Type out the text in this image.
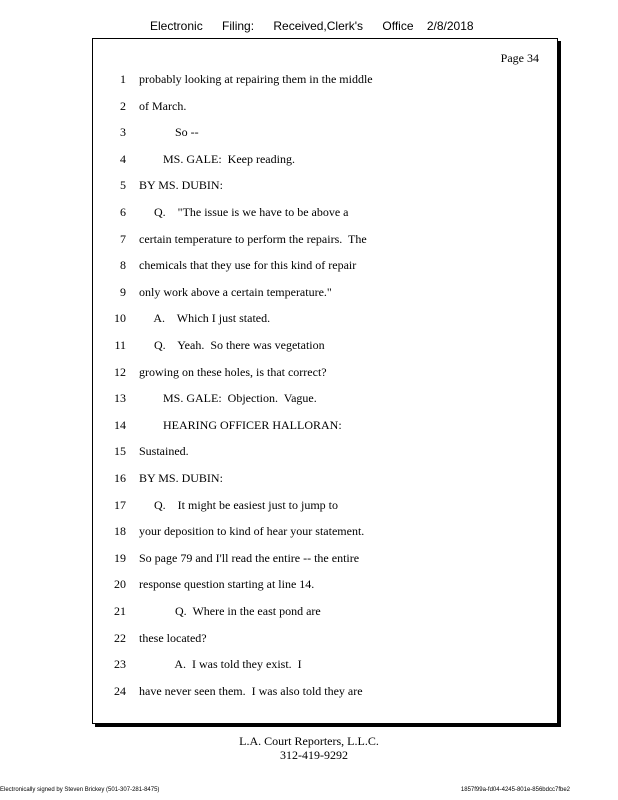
Electronic Filing: Received,Clerk's Office 2/8/2018
Page 34
1 probably looking at repairing them in the middle
2 of March.
3 So --
4 MS. GALE:  Keep reading.
5 BY MS. DUBIN:
6 Q.    "The issue is we have to be above a
7 certain temperature to perform the repairs.  The
8 chemicals that they use for this kind of repair
9 only work above a certain temperature."
10 A.    Which I just stated.
11 Q.    Yeah.  So there was vegetation
12 growing on these holes, is that correct?
13 MS. GALE:  Objection.  Vague.
14 HEARING OFFICER HALLORAN:
15 Sustained.
16 BY MS. DUBIN:
17 Q.    It might be easiest just to jump to
18 your deposition to kind of hear your statement.
19 So page 79 and I'll read the entire -- the entire
20 response question starting at line 14.
21 Q.  Where in the east pond are
22 these located?
23 A.  I was told they exist.  I
24 have never seen them.  I was also told they are
L.A. Court Reporters, L.L.C.
312-419-9292
Electronically signed by Steven Brickey (501-307-281-8475)	1857f99a-fd04-4245-801e-856bdcc7fbe2
